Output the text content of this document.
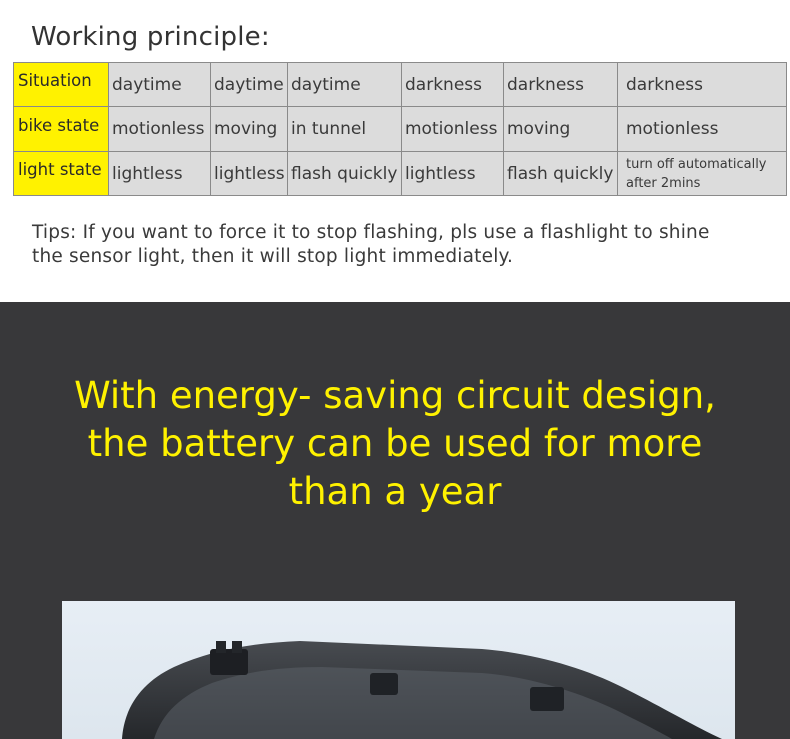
Working principle:
Situation	daytime	daytime	daytime	darkness	darkness	darkness
bike state	motionless	moving	in tunnel	motionless	moving	motionless
light state	lightless	lightless	flash quickly	lightless	flash quickly	turn off automatically after 2mins
Tips: If you want to force it to stop flashing, pls use a flashlight to shine the sensor light, then it will stop light immediately.
With energy- saving circuit design,
the battery can be used for more
than a year
